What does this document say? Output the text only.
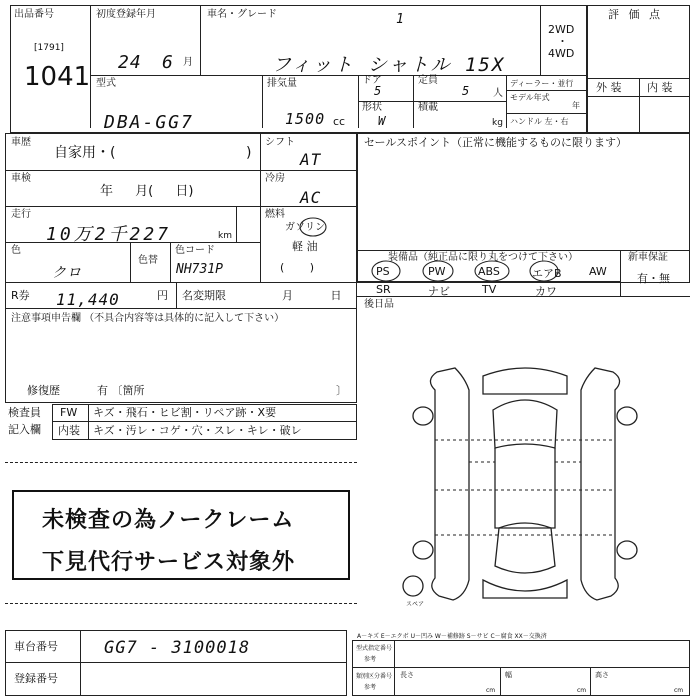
出品番号
[1791]
1041
初度登録年月
24 6 月
車名・グレード	1
フィット シャトル 15X
2WD
・
4WD
評 価 点
外 装 内 装
型式
DBA-GG7
排気量
1500 cc
ドア
5
形状
W
定員
5 人
積載
kg
ディーラー・並行
モデル年式
年
ハンドル 左・右
車歴
自家用・(	)
車検
年 月( 日)
走行
10万2千227	km
色
クロ
色替
色コード
NH731P
R券 11,440	円 名変期限	月 日
注意事項申告欄 （不具合内容等は具体的に記入して下さい）
修復歴	有 〔箇所	〕
シフト
AT
冷房
AC
燃料
ガソリン
軽 油
( )
セールスポイント（正常に機能するものに限ります）
装備品（純正品に限り丸をつけて下さい）	新車保証
有・無
PS	PW	ABS	エアB AW
SR	ナビ	TV	カワ
後日品
検査員
記入欄
FW キズ・飛石・ヒビ割・リペア跡・X要
内装 キズ・汚レ・コゲ・穴・スレ・キレ・破レ
未検査の為ノークレーム
下見代行サービス対象外
スペア
車台番号	GG7 - 3100018
登録番号
A－キズ E－エクボ U－凹み W－補修跡 S－サビ C－腐食 XX－交換済
型式指定番号
参考
類別区分番号
参考
長さ
cm
幅
cm
高さ
cm
